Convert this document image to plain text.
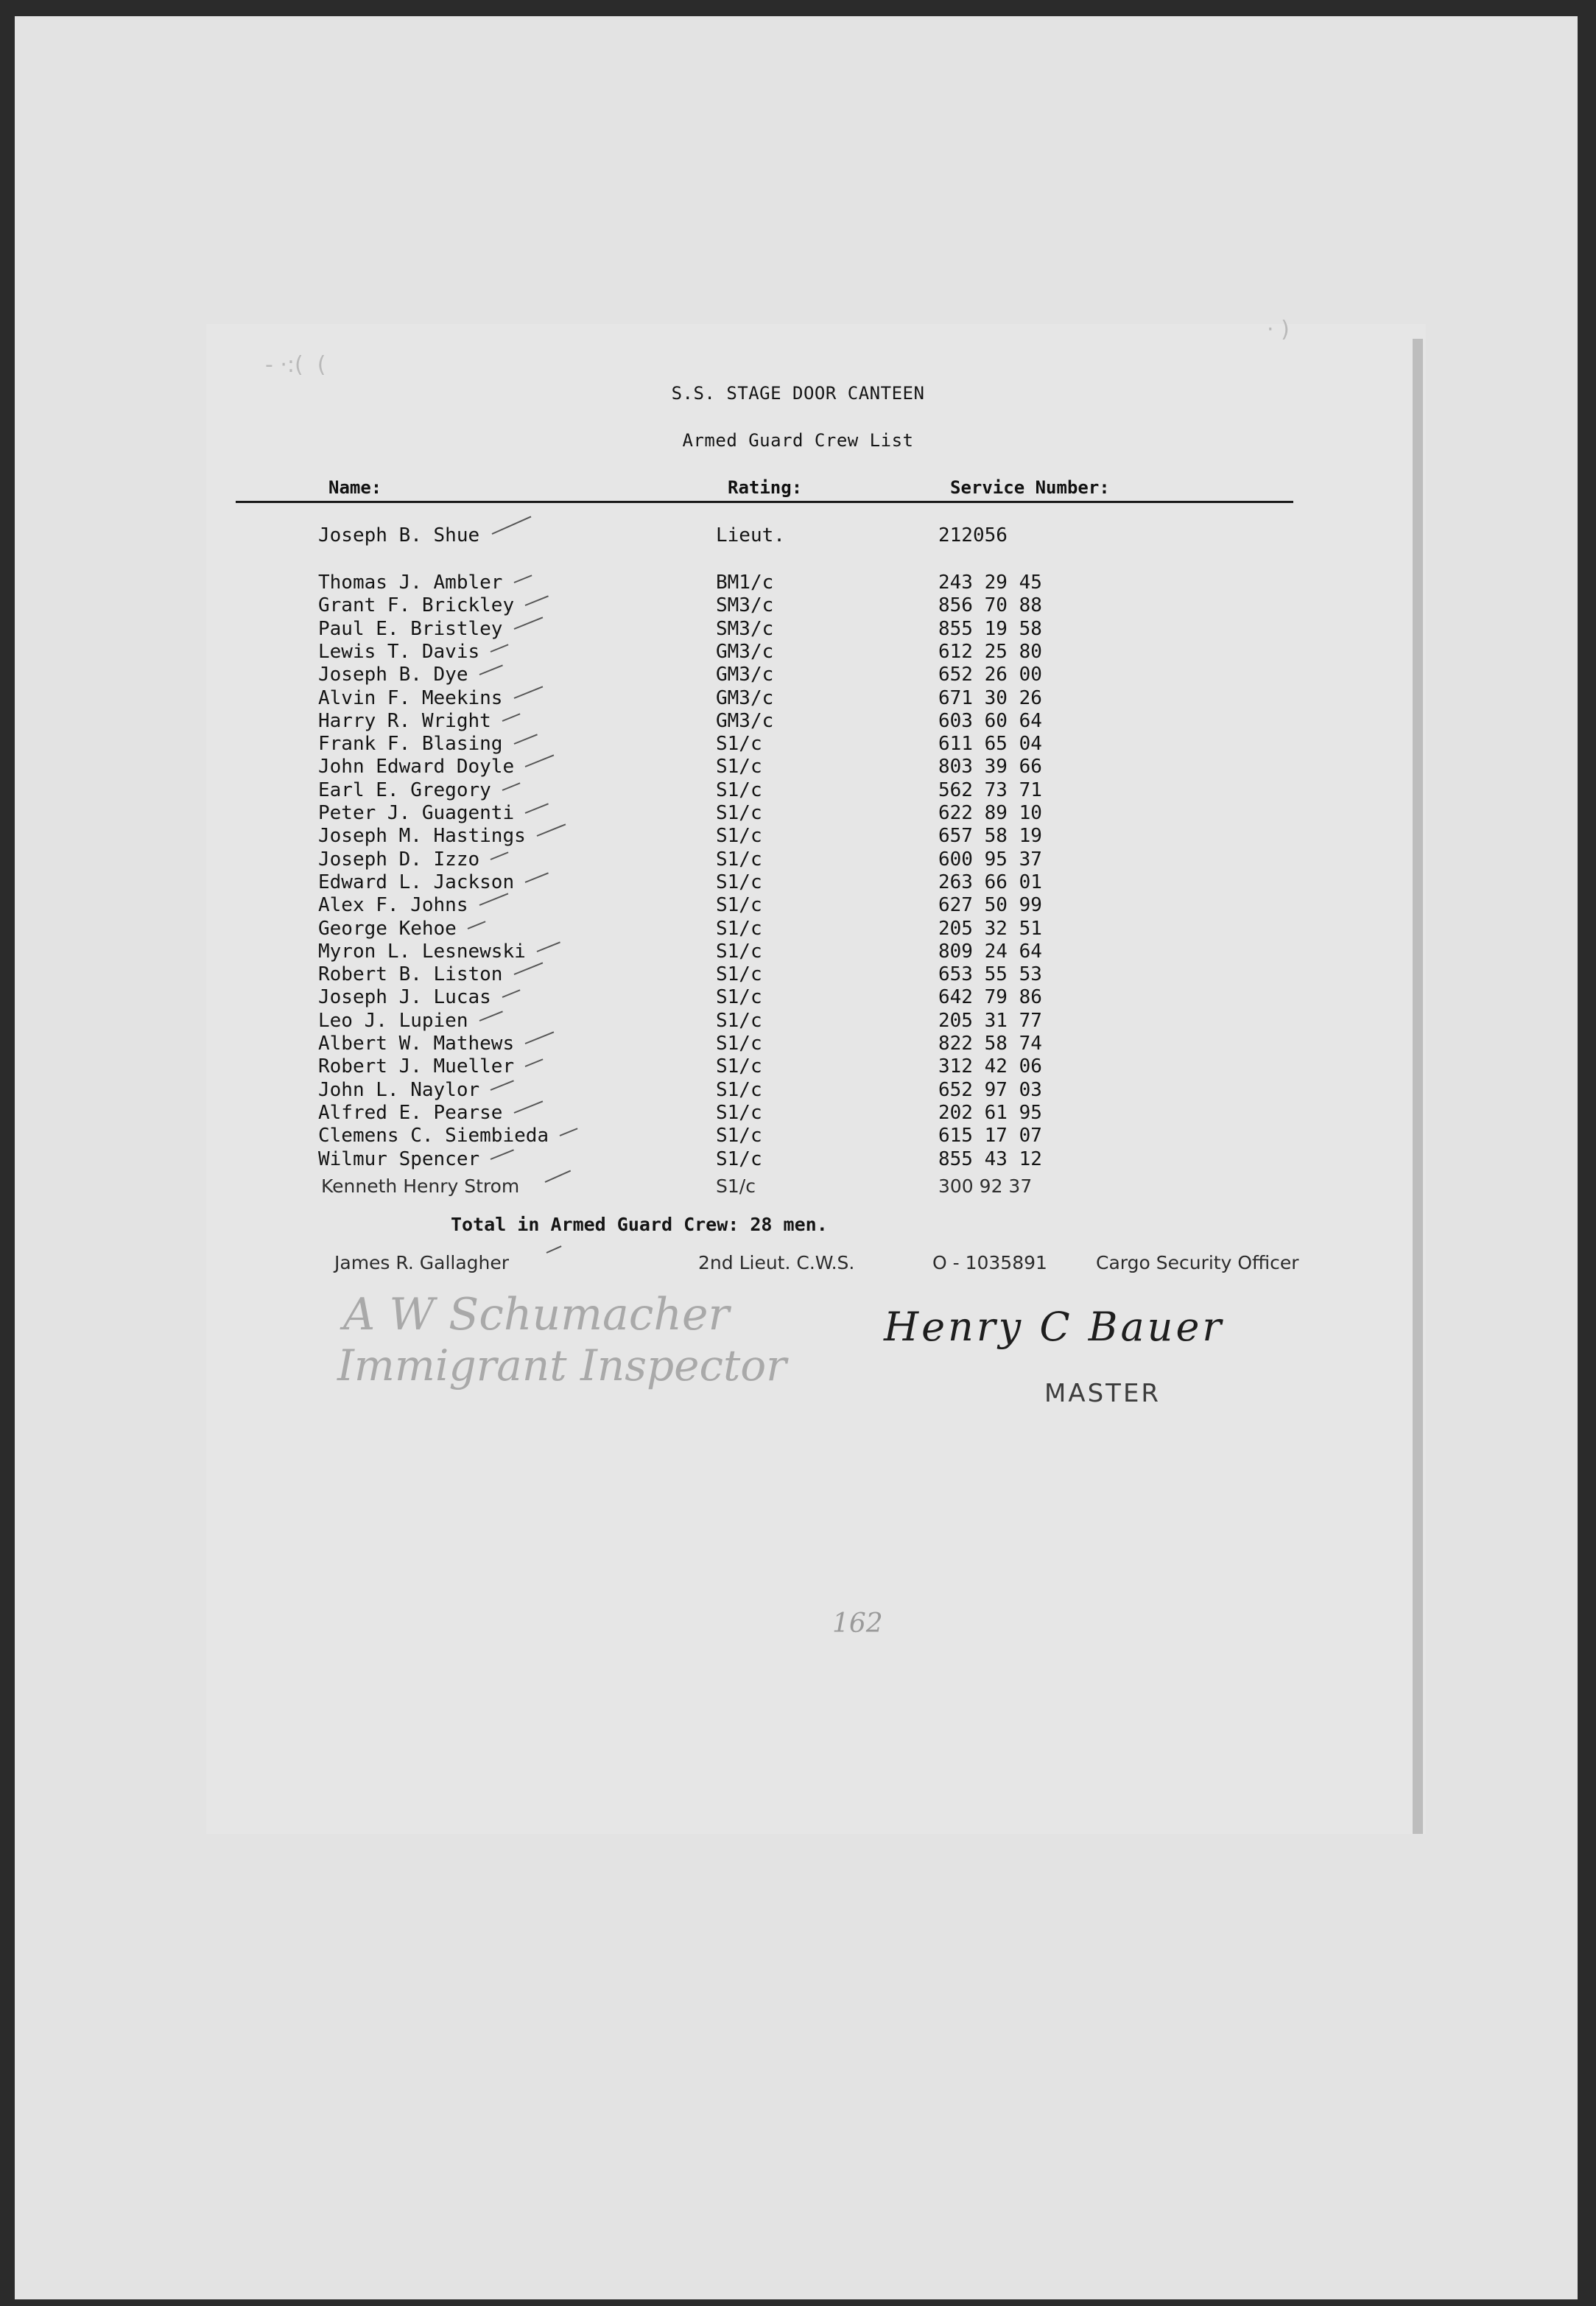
‐ ·:(  (
· )
S.S. STAGE DOOR CANTEEN
Armed Guard Crew List
Name:	Rating:	Service Number:
Joseph B. Shue	Lieut.	212056
Thomas J. Ambler	BM1/c	243 29 45
Grant F. Brickley	SM3/c	856 70 88
Paul E. Bristley	SM3/c	855 19 58
Lewis T. Davis	GM3/c	612 25 80
Joseph B. Dye	GM3/c	652 26 00
Alvin F. Meekins	GM3/c	671 30 26
Harry R. Wright	GM3/c	603 60 64
Frank F. Blasing	S1/c	611 65 04
John Edward Doyle	S1/c	803 39 66
Earl E. Gregory	S1/c	562 73 71
Peter J. Guagenti	S1/c	622 89 10
Joseph M. Hastings	S1/c	657 58 19
Joseph D. Izzo	S1/c	600 95 37
Edward L. Jackson	S1/c	263 66 01
Alex F. Johns	S1/c	627 50 99
George Kehoe	S1/c	205 32 51
Myron L. Lesnewski	S1/c	809 24 64
Robert B. Liston	S1/c	653 55 53
Joseph J. Lucas	S1/c	642 79 86
Leo J. Lupien	S1/c	205 31 77
Albert W. Mathews	S1/c	822 58 74
Robert J. Mueller	S1/c	312 42 06
John L. Naylor	S1/c	652 97 03
Alfred E. Pearse	S1/c	202 61 95
Clemens C. Siembieda	S1/c	615 17 07
Wilmur Spencer	S1/c	855 43 12
Kenneth Henry Strom	S1/c	300 92 37
Total in Armed Guard Crew: 28 men.
James R. Gallagher	2nd Lieut. C.W.S.	O - 1035891	Cargo Security Officer
A W Schumacher
Immigrant Inspector
Henry C Bauer
MASTER
162
